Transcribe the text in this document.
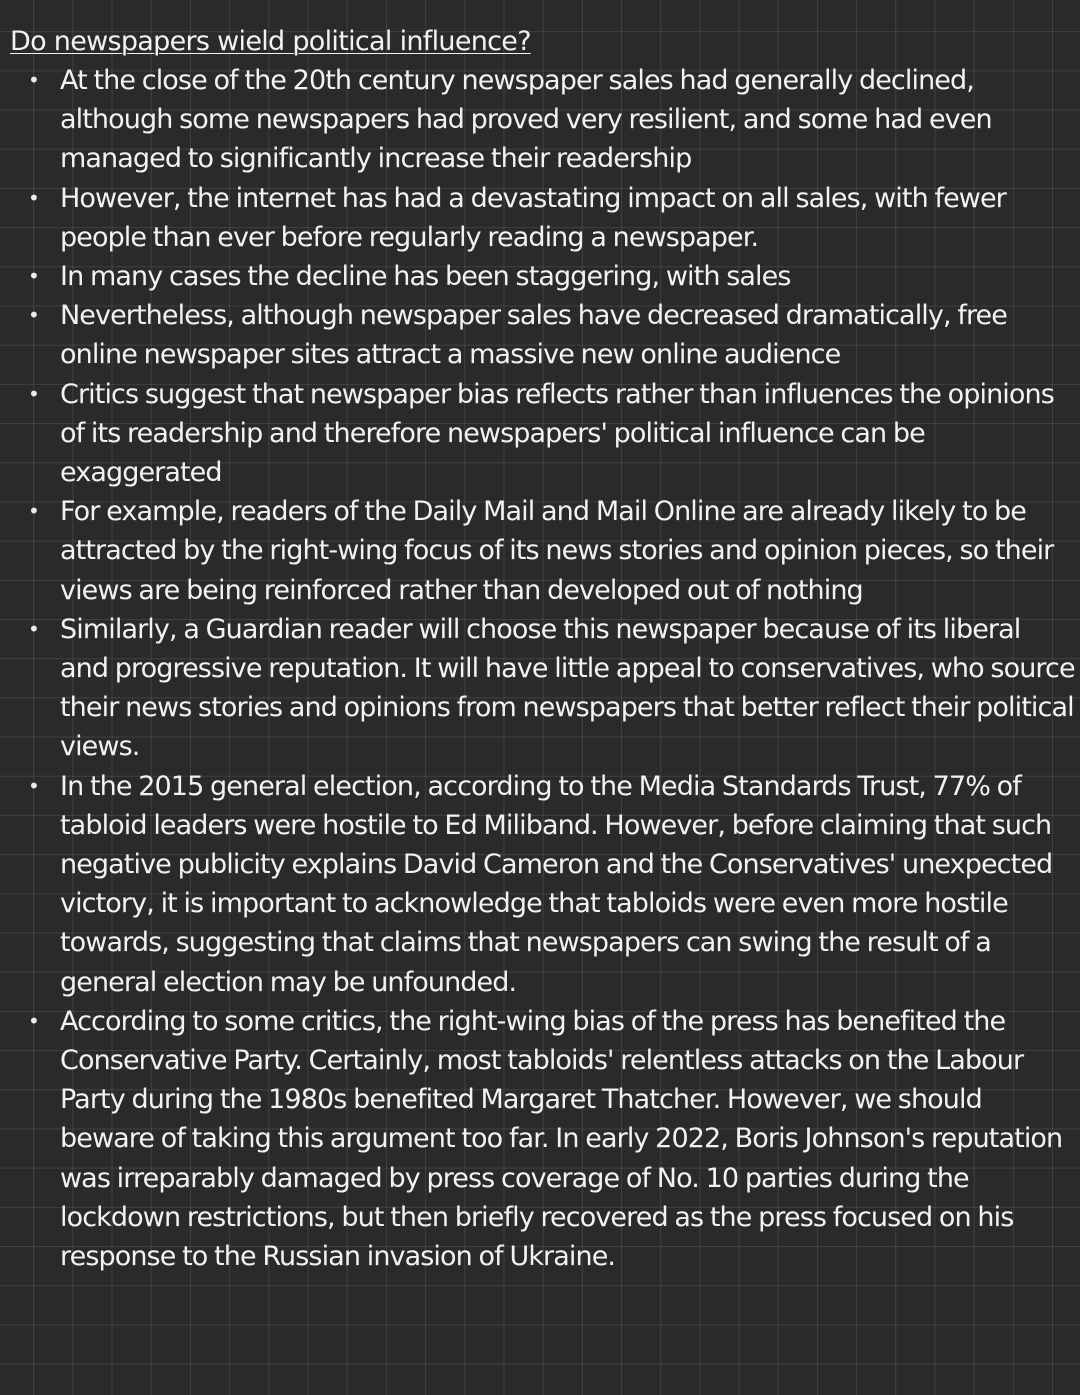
Do newspapers wield political influence?
• At the close of the 20th century newspaper sales had generally declined, although some newspapers had proved very resilient, and some had even managed to significantly increase their readership
• However, the internet has had a devastating impact on all sales, with fewer people than ever before regularly reading a newspaper.
• In many cases the decline has been staggering, with sales
• Nevertheless, although newspaper sales have decreased dramatically, free online newspaper sites attract a massive new online audience
• Critics suggest that newspaper bias reflects rather than influences the opinions of its readership and therefore newspapers' political influence can be exaggerated
• For example, readers of the Daily Mail and Mail Online are already likely to be attracted by the right-wing focus of its news stories and opinion pieces, so their views are being reinforced rather than developed out of nothing
• Similarly, a Guardian reader will choose this newspaper because of its liberal and progressive reputation. It will have little appeal to conservatives, who source their news stories and opinions from newspapers that better reflect their political views.
• In the 2015 general election, according to the Media Standards Trust, 77% of tabloid leaders were hostile to Ed Miliband. However, before claiming that such negative publicity explains David Cameron and the Conservatives' unexpected victory, it is important to acknowledge that tabloids were even more hostile towards, suggesting that claims that newspapers can swing the result of a general election may be unfounded.
• According to some critics, the right-wing bias of the press has benefited the Conservative Party. Certainly, most tabloids' relentless attacks on the Labour Party during the 1980s benefited Margaret Thatcher. However, we should beware of taking this argument too far. In early 2022, Boris Johnson's reputation was irreparably damaged by press coverage of No. 10 parties during the lockdown restrictions, but then briefly recovered as the press focused on his response to the Russian invasion of Ukraine.
